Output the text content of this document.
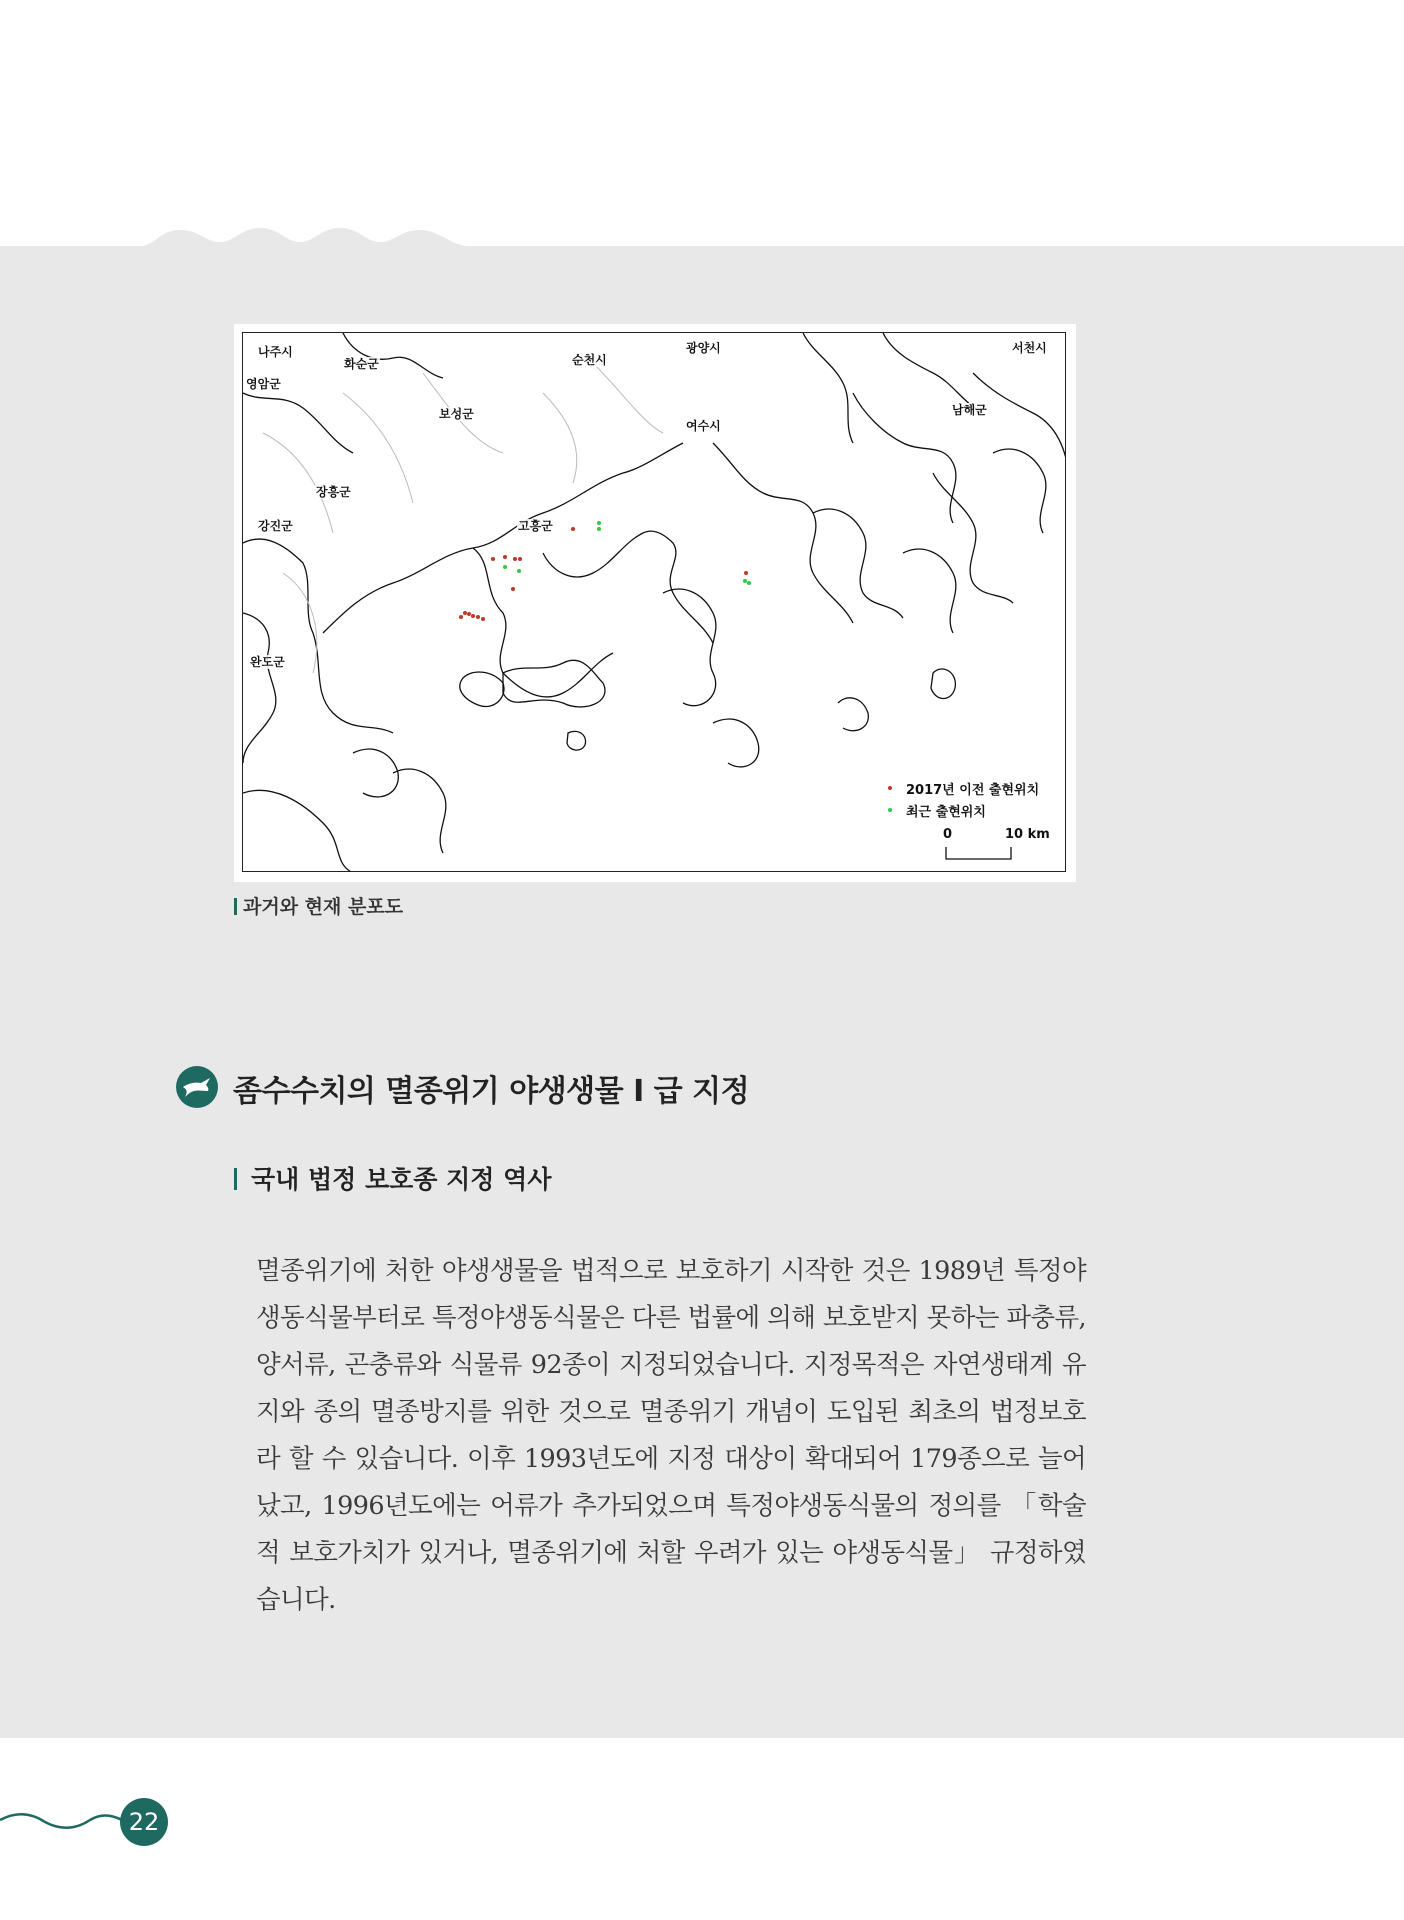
나주시
화순군	순천시
광양시	서천시
영암군
보성군	남해군
여수시
장흥군
강진군	고흥군
완도군
2017년 이전 출현위치
최근 출현위치
0	10 km
과거와 현재 분포도
좀수수치의 멸종위기 야생생물 I 급 지정
국내 법정 보호종 지정 역사

멸종위기에 처한 야생생물을 법적으로 보호하기 시작한 것은 1989년 특정야생동식물부터로 특정야생동식물은 다른 법률에 의해 보호받지 못하는 파충류, 양서류, 곤충류와 식물류 92종이 지정되었습니다. 지정목적은 자연생태계 유지와 종의 멸종방지를 위한 것으로 멸종위기 개념이 도입된 최초의 법정보호라 할 수 있습니다. 이후 1993년도에 지정 대상이 확대되어 179종으로 늘어났고, 1996년도에는 어류가 추가되었으며 특정야생동식물의 정의를 「학술적 보호가치가 있거나, 멸종위기에 처할 우려가 있는 야생동식물」 규정하였습니다.

22
